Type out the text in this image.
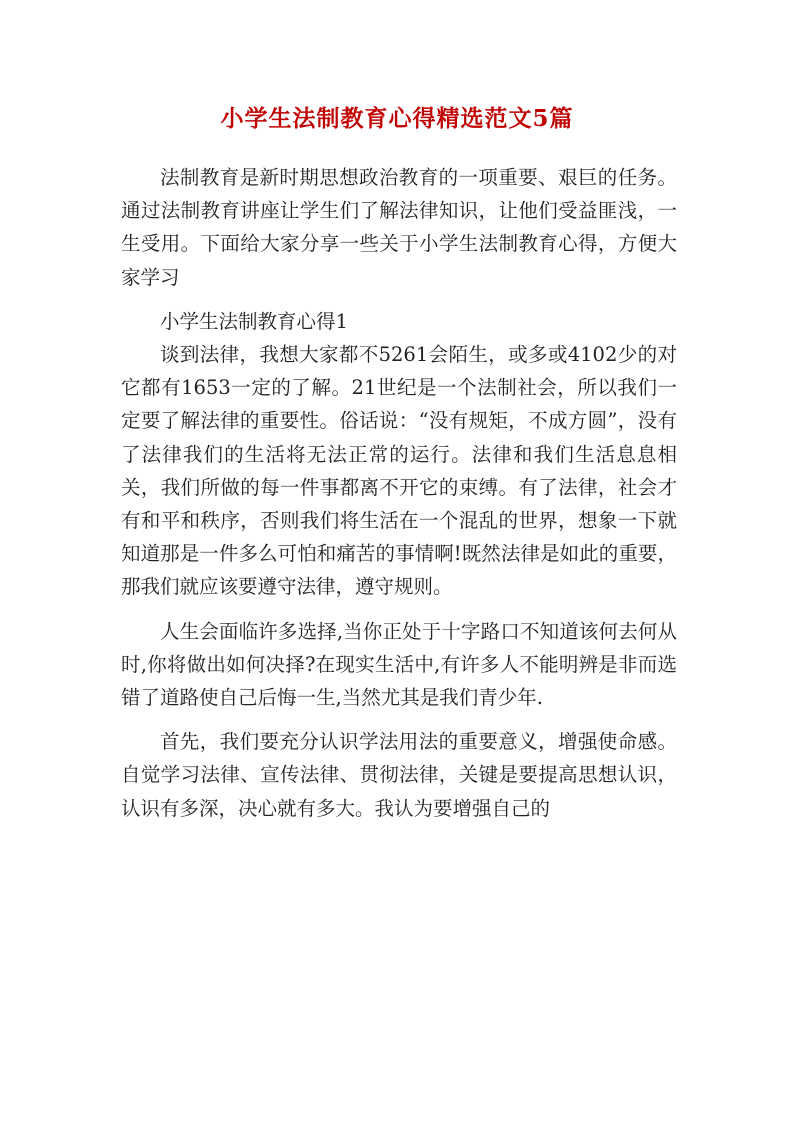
小学生法制教育心得精选范文5篇

法制教育是新时期思想政治教育的一项重要、艰巨的任务。通过法制教育讲座让学生们了解法律知识，让他们受益匪浅，一生受用。下面给大家分享一些关于小学生法制教育心得，方便大家学习

小学生法制教育心得1

谈到法律，我想大家都不5261会陌生，或多或4102少的对它都有1653一定的了解。21世纪是一个法制社会，所以我们一定要了解法律的重要性。俗话说：“没有规矩，不成方圆”，没有了法律我们的生活将无法正常的运行。法律和我们生活息息相关，我们所做的每一件事都离不开它的束缚。有了法律，社会才有和平和秩序，否则我们将生活在一个混乱的世界，想象一下就知道那是一件多么可怕和痛苦的事情啊!既然法律是如此的重要，那我们就应该要遵守法律，遵守规则。

人生会面临许多选择,当你正处于十字路口不知道该何去何从时,你将做出如何决择?在现实生活中,有许多人不能明辨是非而选错了道路使自己后悔一生,当然尤其是我们青少年.

首先，我们要充分认识学法用法的重要意义，增强使命感。自觉学习法律、宣传法律、贯彻法律，关键是要提高思想认识，认识有多深，决心就有多大。我认为要增强自己的
